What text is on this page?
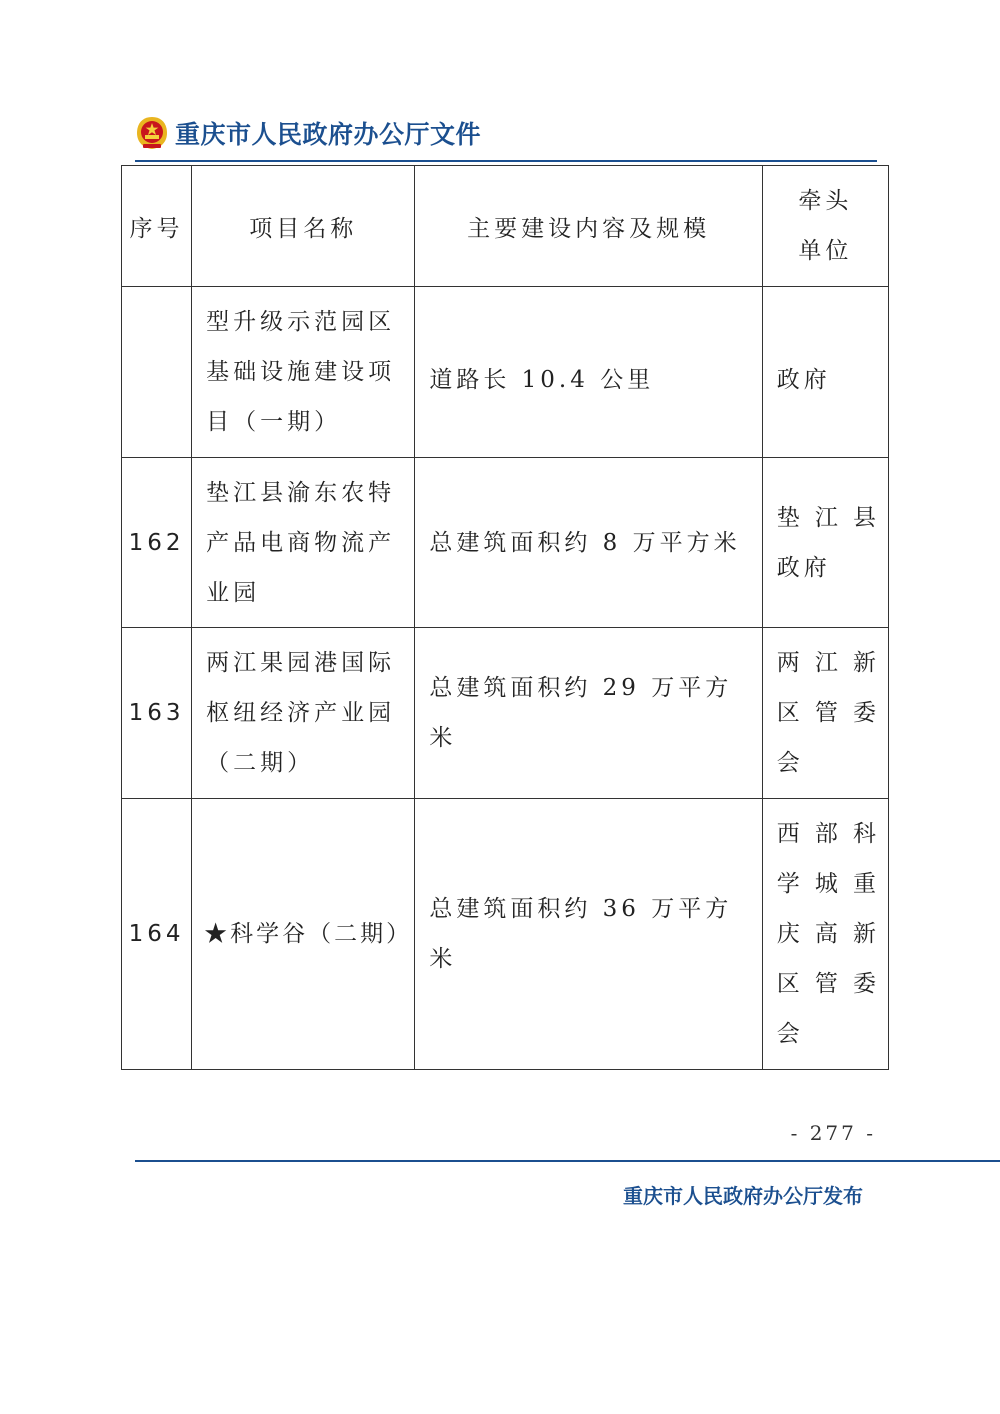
重庆市人民政府办公厅文件
序号	项目名称	主要建设内容及规模	牵头单位
	型升级示范园区基础设施建设项目（一期）	道路长 10.4 公里	政府
162	垫江县渝东农特产品电商物流产业园	总建筑面积约 8 万平方米	垫江县政府
163	两江果园港国际枢纽经济产业园（二期）	总建筑面积约 29 万平方米	两江新区管委会
164	★科学谷（二期）	总建筑面积约 36 万平方米	西部科学城重庆高新区管委会
- 277 -
重庆市人民政府办公厅发布
